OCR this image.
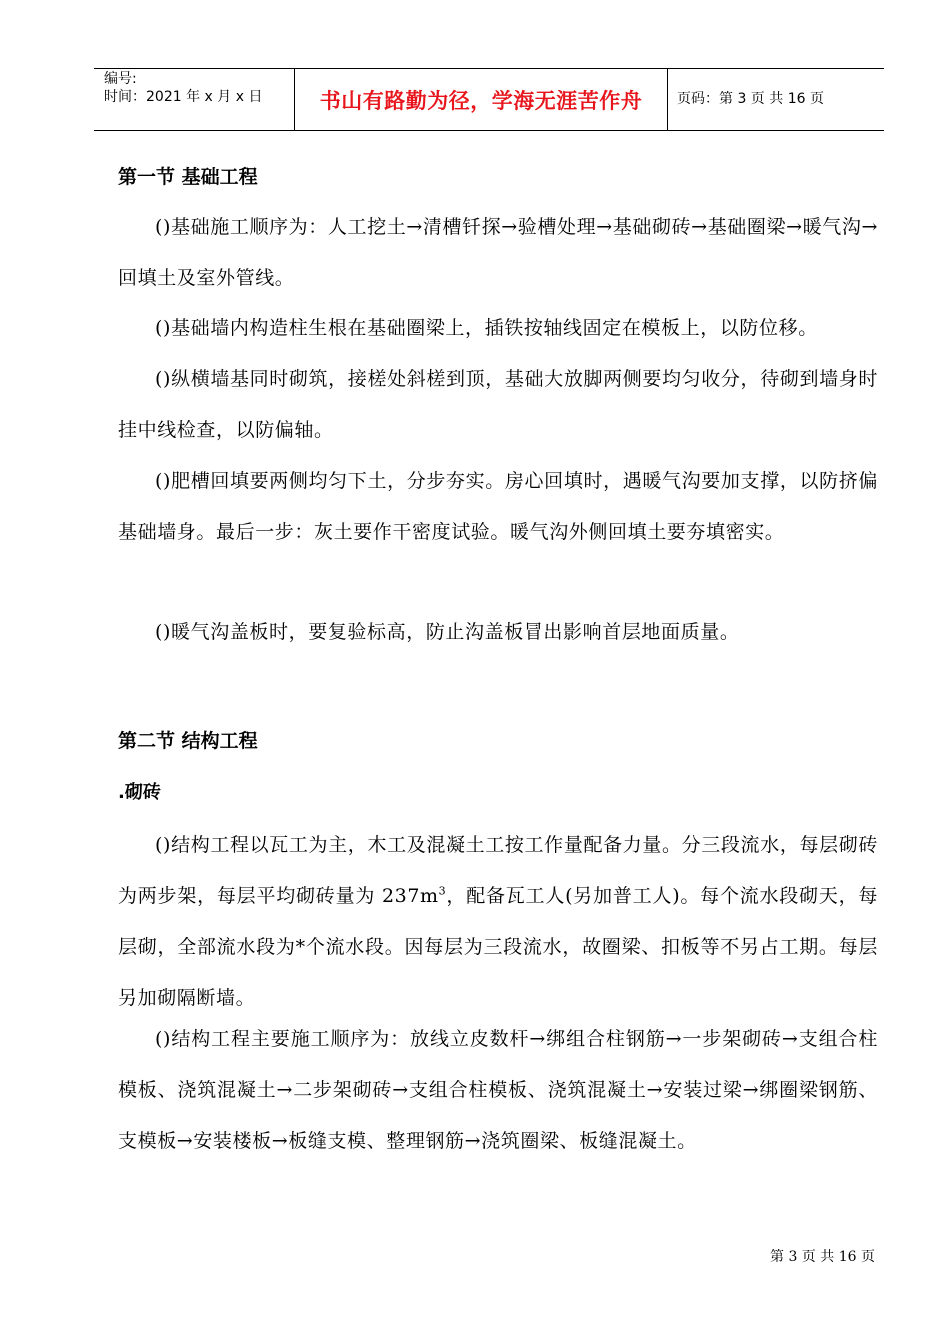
编号:
时间：2021 年 x 月 x 日	书山有路勤为径，学海无涯苦作舟 页码：第 3 页 共 16 页
第一节 基础工程
()基础施工顺序为：人工挖土→清槽钎探→验槽处理→基础砌砖→基础圈梁→暖气沟→回填土及室外管线。
()基础墙内构造柱生根在基础圈梁上，插铁按轴线固定在模板上，以防位移。
()纵横墙基同时砌筑，接槎处斜槎到顶，基础大放脚两侧要均匀收分，待砌到墙身时挂中线检查，以防偏轴。
()肥槽回填要两侧均匀下土，分步夯实。房心回填时，遇暖气沟要加支撑，以防挤偏基础墙身。最后一步：灰土要作干密度试验。暖气沟外侧回填土要夯填密实。
()暖气沟盖板时，要复验标高，防止沟盖板冒出影响首层地面质量。
第二节 结构工程
.砌砖
()结构工程以瓦工为主，木工及混凝土工按工作量配备力量。分三段流水，每层砌砖为两步架，每层平均砌砖量为 $237m^3$，配备瓦工人(另加普工人)。每个流水段砌天，每层砌，全部流水段为*个流水段。因每层为三段流水，故圈梁、扣板等不另占工期。每层另加砌隔断墙。
()结构工程主要施工顺序为：放线立皮数杆→绑组合柱钢筋→一步架砌砖→支组合柱模板、浇筑混凝土→二步架砌砖→支组合柱模板、浇筑混凝土→安装过梁→绑圈梁钢筋、支模板→安装楼板→板缝支模、整理钢筋→浇筑圈梁、板缝混凝土。
第 3 页 共 16 页
